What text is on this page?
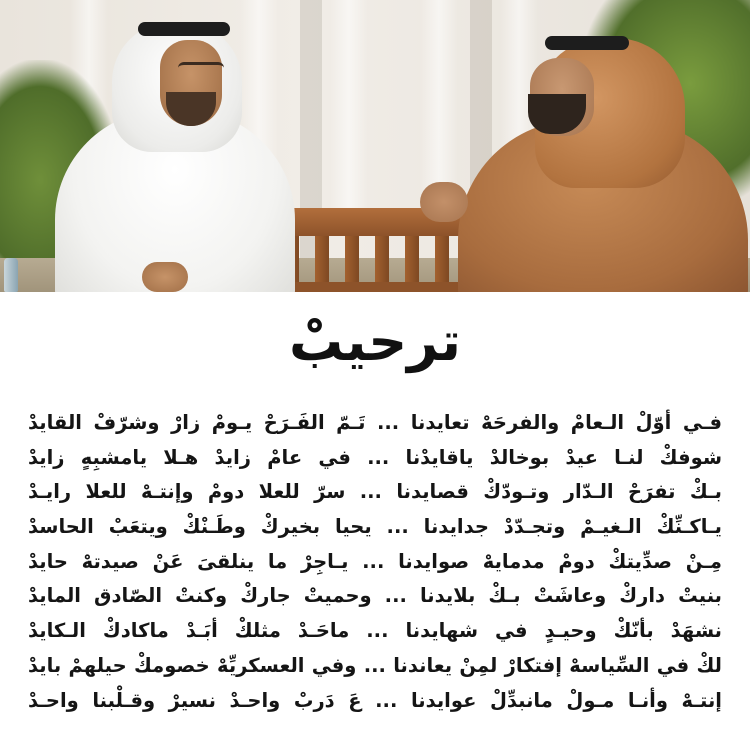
ترحيبْ
فـي أوّلْ الـعامْ والفرحَهْ تعايدنا ... تَـمّ الفَـرَحْ يـومْ زارْ وشرّفْ القايدْ
شوفكْ لنـا عيدْ بوخالدْ ياقايدْنا ... في عامْ زايدْ هـلا يامشبِهٍ زايدْ
بـكْ تفرَحْ الـدّار وتـودّكْ قصايدنا ... سرّ للعلا دومْ وإنتـهْ للعلا رايـدْ
يـاكـنِّكْ الـغيـمْ وتجـدّدْ جدايدنا ... يحيا بخيركْ وطَـنْكْ ويتعَبْ الحاسدْ
مِـنْ صدِّيتكْ دومْ مدمايهْ صوايدنا ... يـاجِرْ ما ينلقىَ عَنْ صيدتهْ حايدْ
بنيتْ داركْ وعاشَتْ بـكْ بلايدنا ... وحميتْ جاركْ وكنتْ الصّادق المايدْ
نشهَدْ بأنّكْ وحيـدٍ في شهايدنا ... ماحَـدْ مثلكْ أبَـدْ ماكادكْ الـكايدْ
لكْ في السِّياسهْ إفتكارْ لمِنْ يعاندنا ... وفي العسكريِّهْ خصومكْ حيلهمْ بايدْ
إنتـهْ وأنـا مـولْ مانبدِّلْ عوايدنا ... عَ دَربْ واحـدْ نسيرْ وقـلْبنا واحـدْ
